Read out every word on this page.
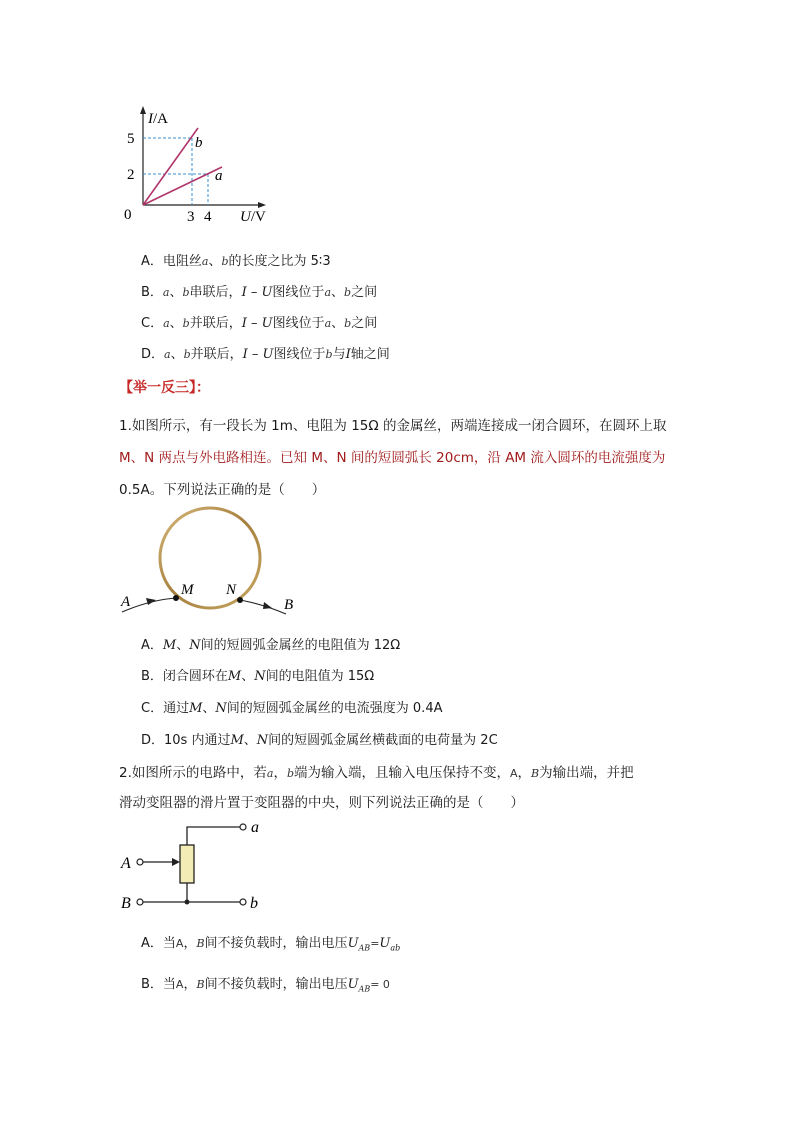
I/A
U/V
0
5
2
3 4
b
a
A．电阻丝a、b的长度之比为 5∶3
B．a、b串联后，I – U图线位于a、b之间
C．a、b并联后，I – U图线位于a、b之间
D．a、b并联后，I – U图线位于b与I轴之间
【举一反三】：
1.如图所示，有一段长为 1m、电阻为 15Ω 的金属丝，两端连接成一闭合圆环，在圆环上取
M、N 两点与外电路相连。已知 M、N 间的短圆弧长 20cm，沿 AM 流入圆环的电流强度为
0.5A。下列说法正确的是（　　）
A
M N
B
A．M、N间的短圆弧金属丝的电阻值为 12Ω
B．闭合圆环在M、N间的电阻值为 15Ω
C．通过M、N间的短圆弧金属丝的电流强度为 0.4A
D．10s 内通过M、N间的短圆弧金属丝横截面的电荷量为 2C
2.如图所示的电路中，若a，b端为输入端，且输入电压保持不变，A，B为输出端，并把
滑动变阻器的滑片置于变阻器的中央，则下列说法正确的是（　　）
a
A
B	b
A．当A，B间不接负载时，输出电压$U_{AB}=U_{ab}$
B．当A，B间不接负载时，输出电压$U_{AB}= 0$
